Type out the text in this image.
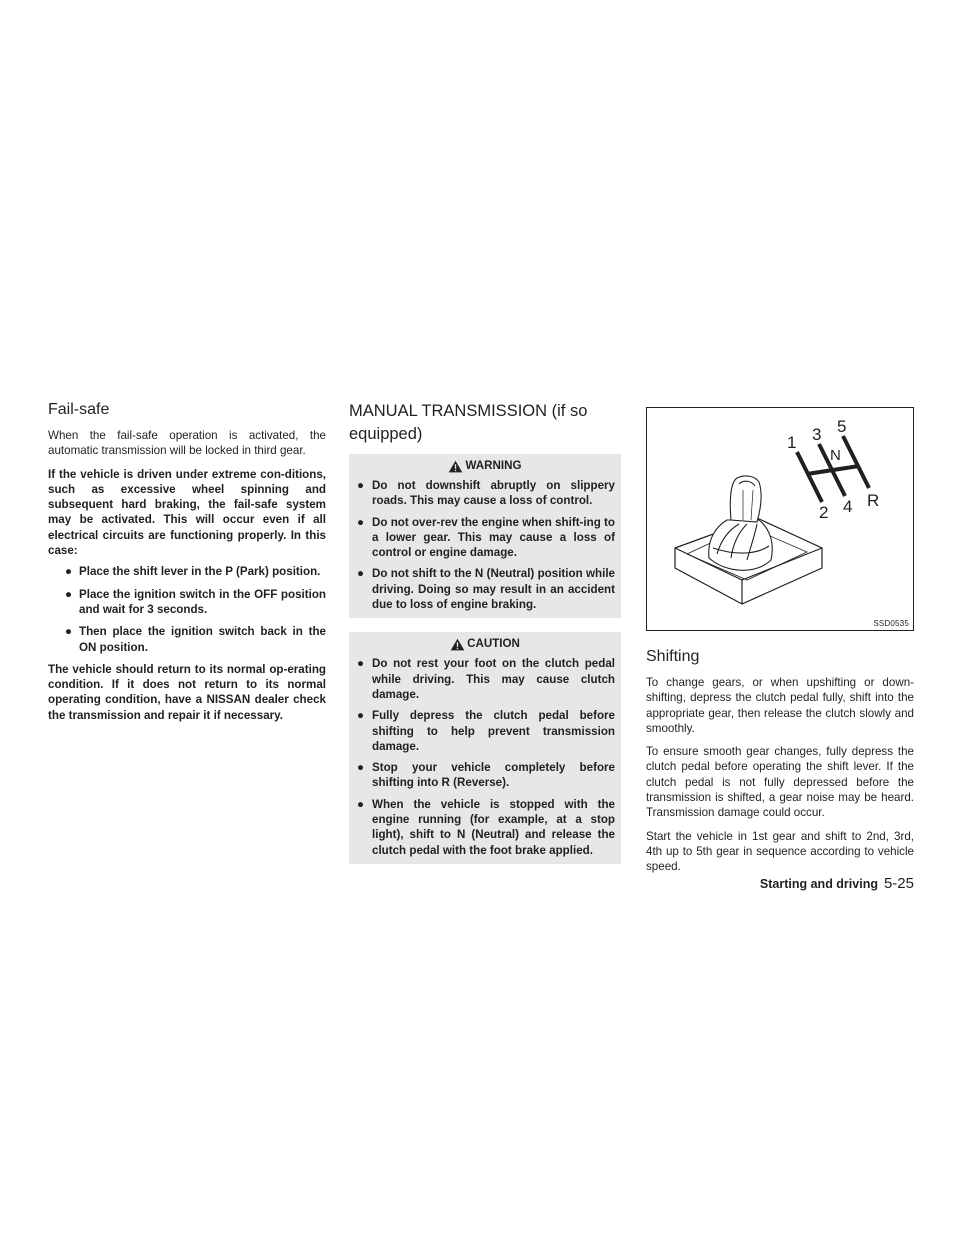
Fail-safe

When the fail-safe operation is activated, the automatic transmission will be locked in third gear.

If the vehicle is driven under extreme con-ditions, such as excessive wheel spinning and subsequent hard braking, the fail-safe system may be activated. This will occur even if all electrical circuits are functioning properly. In this case:

● Place the shift lever in the P (Park) position.
● Place the ignition switch in the OFF position and wait for 3 seconds.
● Then place the ignition switch back in the ON position.

The vehicle should return to its normal op-erating condition. If it does not return to its normal operating condition, have a NISSAN dealer check the transmission and repair it if necessary.

MANUAL TRANSMISSION (if so equipped)
WARNING
● Do not downshift abruptly on slippery roads. This may cause a loss of control.
● Do not over-rev the engine when shift-ing to a lower gear. This may cause a loss of control or engine damage.
● Do not shift to the N (Neutral) position while driving. Doing so may result in an accident due to loss of engine braking.
CAUTION
● Do not rest your foot on the clutch pedal while driving. This may cause clutch damage.
● Fully depress the clutch pedal before shifting to help prevent transmission damage.
● Stop your vehicle completely before shifting into R (Reverse).
● When the vehicle is stopped with the engine running (for example, at a stop light), shift to N (Neutral) and release the clutch pedal with the foot brake applied.
1 3 5
N
2 4 R
SSD0535
Shifting

To change gears, or when upshifting or down-shifting, depress the clutch pedal fully, shift into the appropriate gear, then release the clutch slowly and smoothly.

To ensure smooth gear changes, fully depress the clutch pedal before operating the shift lever. If the clutch pedal is not fully depressed before the transmission is shifted, a gear noise may be heard. Transmission damage could occur.

Start the vehicle in 1st gear and shift to 2nd, 3rd, 4th up to 5th gear in sequence according to vehicle speed.

Starting and driving 5-25
